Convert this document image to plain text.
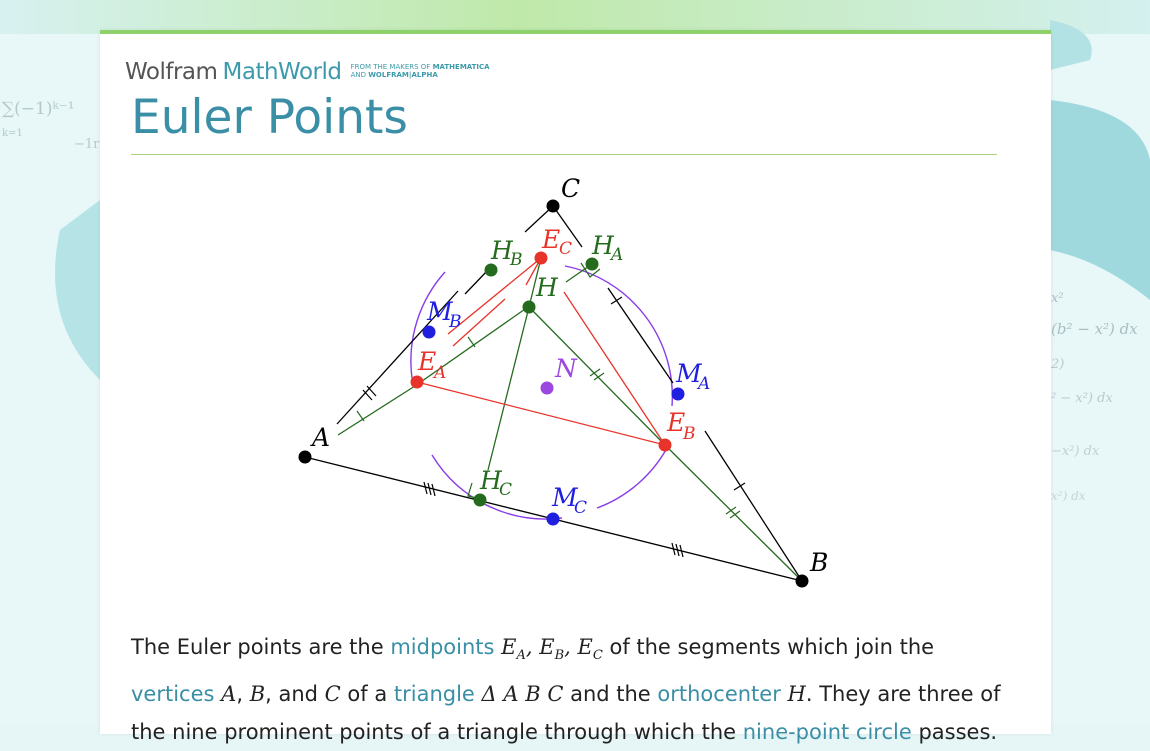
∑(−1)ᵏ⁻¹
k=1
−1r
(b² − x²) dx
x²
2)
² − x²) dx
−x²) dx
x²) dx
Wolfram MathWorld FROM THE MAKERS OF MATHEMATICA
AND WOLFRAM|ALPHA
Euler Points
A
B
C
E
A
E
B
E
C
M
A
M
B
M
C
H
A
H
B
H
C
H
N

The Euler points are the midpoints $E_A$, $E_B$, $E_C$ of the segments which join the
vertices A, B, and C of a triangle Δ A B C and the orthocenter H. They are three of
the nine prominent points of a triangle through which the nine-point circle passes.
